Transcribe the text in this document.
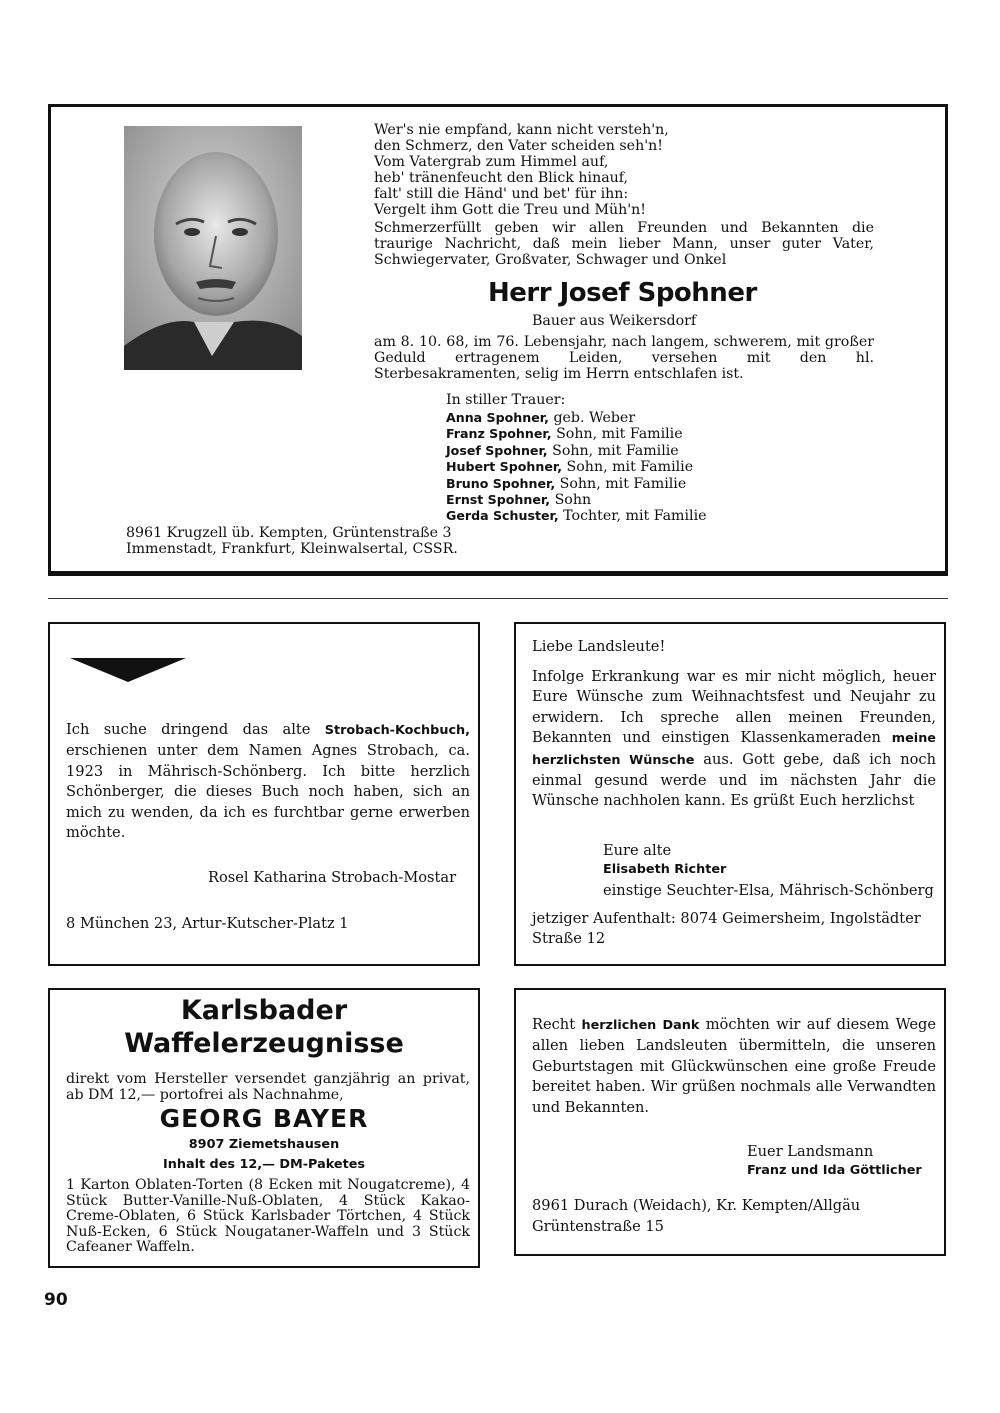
Wer's nie empfand, kann nicht versteh'n,
den Schmerz, den Vater scheiden seh'n!
Vom Vatergrab zum Himmel auf,
heb' tränenfeucht den Blick hinauf,
falt' still die Händ' und bet' für ihn:
Vergelt ihm Gott die Treu und Müh'n!
Schmerzerfüllt geben wir allen Freunden und Bekannten die traurige Nachricht, daß mein lieber Mann, unser guter Vater, Schwiegervater, Großvater, Schwager und Onkel
Herr Josef Spohner
Bauer aus Weikersdorf
am 8. 10. 68, im 76. Lebensjahr, nach langem, schwerem, mit großer Geduld ertragenem Leiden, versehen mit den hl. Sterbesakramenten, selig im Herrn entschlafen ist.
In stiller Trauer:
Anna Spohner, geb. Weber
Franz Spohner, Sohn, mit Familie
Josef Spohner, Sohn, mit Familie
Hubert Spohner, Sohn, mit Familie
Bruno Spohner, Sohn, mit Familie
Ernst Spohner, Sohn
Gerda Schuster, Tochter, mit Familie
8961 Krugzell üb. Kempten, Grüntenstraße 3
Immenstadt, Frankfurt, Kleinwalsertal, CSSR.
Ich suche dringend das alte Strobach-Kochbuch, erschienen unter dem Namen Agnes Strobach, ca. 1923 in Mährisch-Schönberg. Ich bitte herzlich Schönberger, die dieses Buch noch haben, sich an mich zu wenden, da ich es furchtbar gerne erwerben möchte.
Rosel Katharina Strobach-Mostar
8 München 23, Artur-Kutscher-Platz 1
Liebe Landsleute!
Infolge Erkrankung war es mir nicht möglich, heuer Eure Wünsche zum Weihnachtsfest und Neujahr zu erwidern. Ich spreche allen meinen Freunden, Bekannten und einstigen Klassenkameraden meine herzlichsten Wünsche aus. Gott gebe, daß ich noch einmal gesund werde und im nächsten Jahr die Wünsche nachholen kann. Es grüßt Euch herzlichst
Eure alte
Elisabeth Richter
einstige Seuchter-Elsa, Mährisch-Schönberg
jetziger Aufenthalt: 8074 Geimersheim, Ingolstädter Straße 12
Karlsbader
Waffelerzeugnisse
direkt vom Hersteller versendet ganzjährig an privat, ab DM 12,— portofrei als Nachnahme,
GEORG BAYER
8907 Ziemetshausen
Inhalt des 12,— DM-Paketes
1 Karton Oblaten-Torten (8 Ecken mit Nougatcreme), 4 Stück Butter-Vanille-Nuß-Oblaten, 4 Stück Kakao-Creme-Oblaten, 6 Stück Karlsbader Törtchen, 4 Stück Nuß-Ecken, 6 Stück Nougataner-Waffeln und 3 Stück Cafeaner Waffeln.
Recht herzlichen Dank möchten wir auf diesem Wege allen lieben Landsleuten übermitteln, die unseren Geburtstagen mit Glückwünschen eine große Freude bereitet haben. Wir grüßen nochmals alle Verwandten und Bekannten.
Euer Landsmann
Franz und Ida Göttlicher
8961 Durach (Weidach), Kr. Kempten/Allgäu
Grüntenstraße 15
90
